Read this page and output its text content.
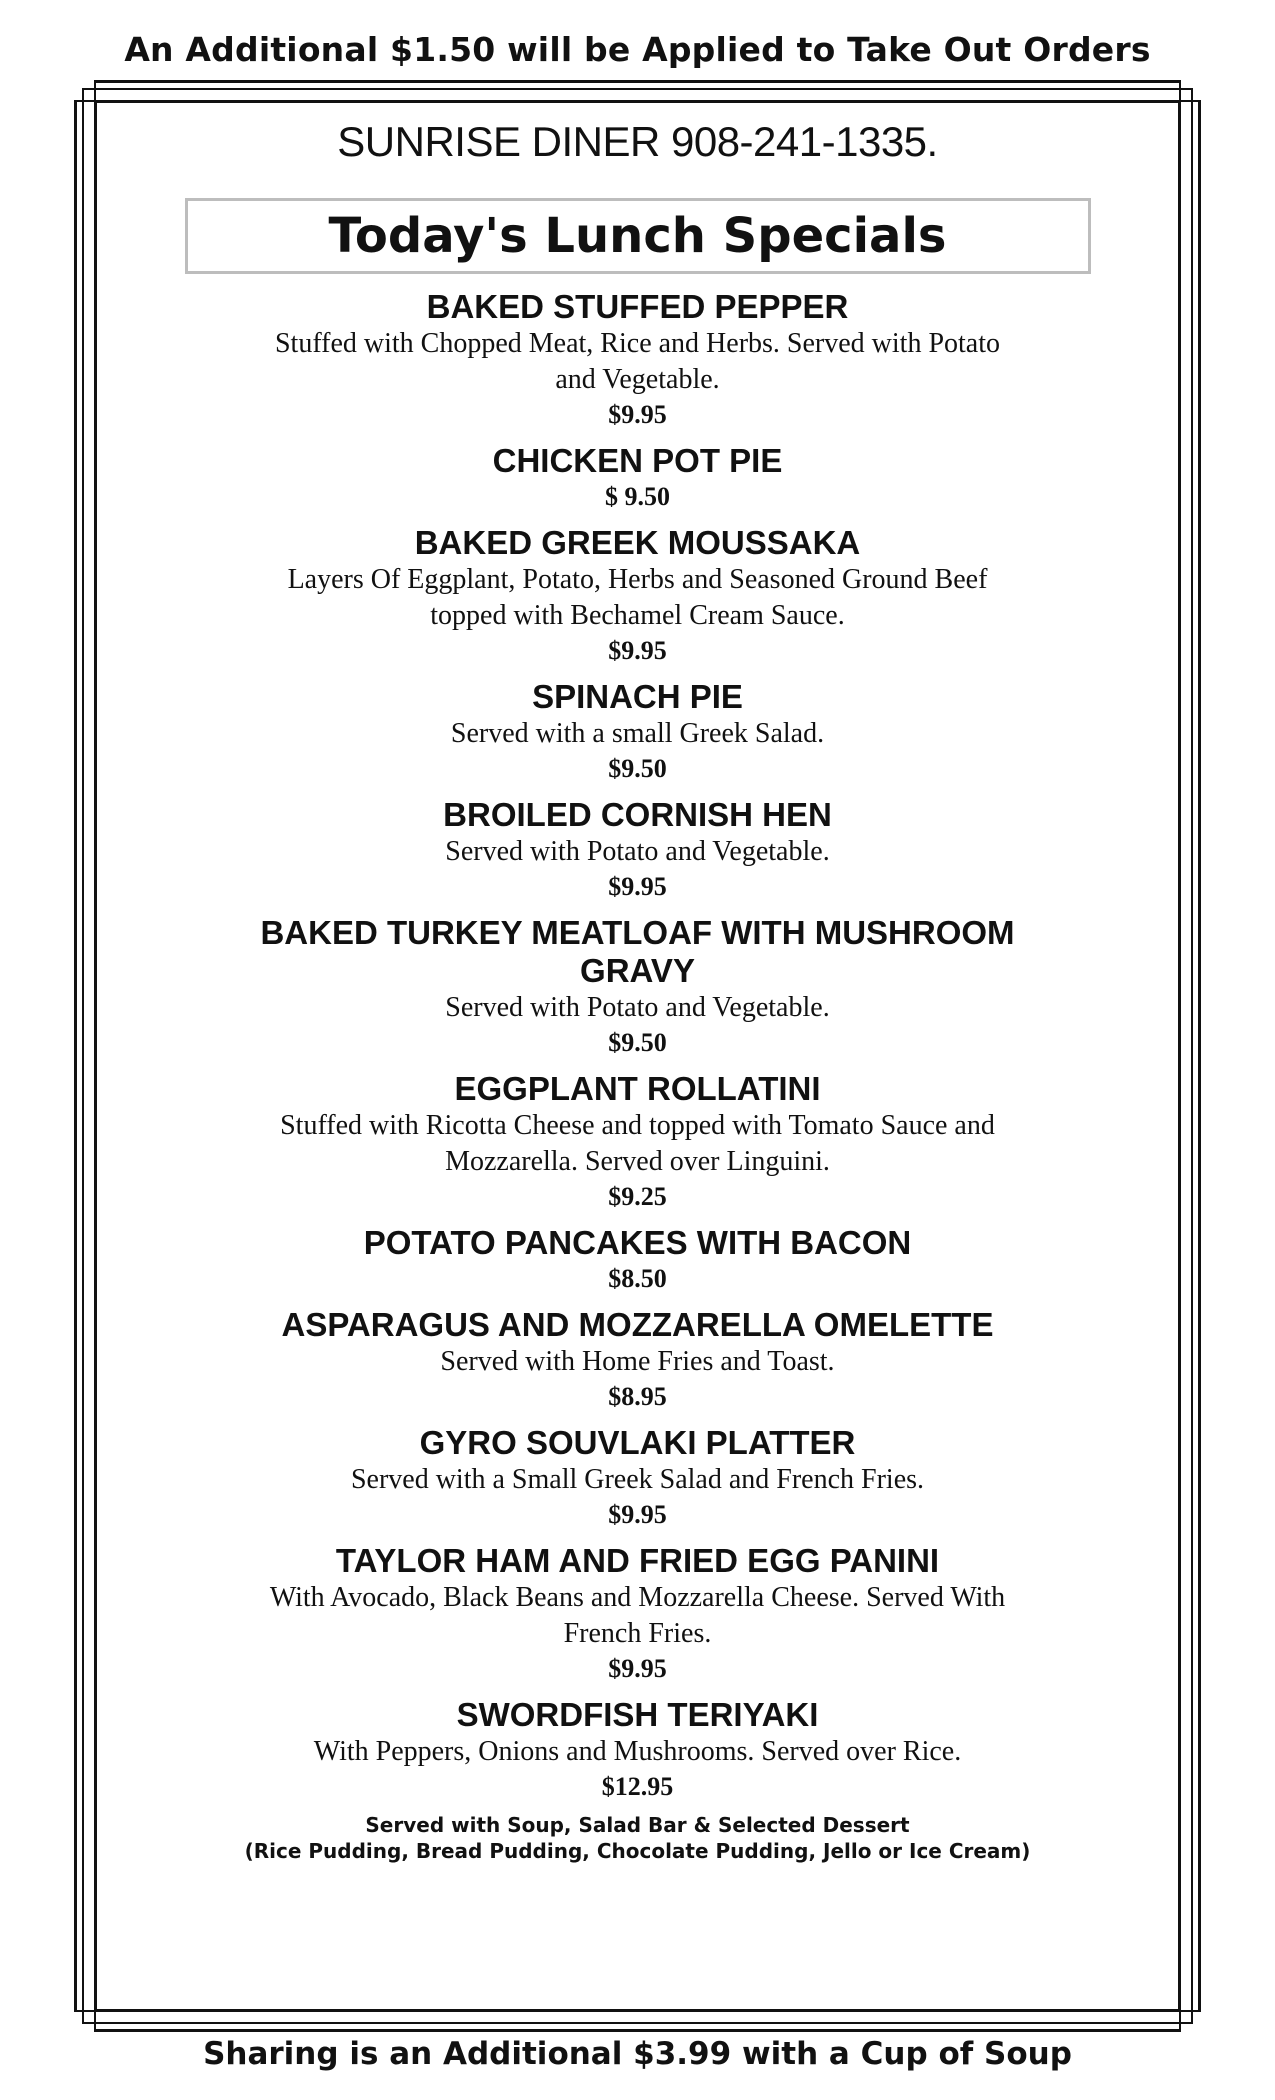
An Additional $1.50 will be Applied to Take Out Orders
SUNRISE DINER 908-241-1335.
Today's Lunch Specials
BAKED STUFFED PEPPER
Stuffed with Chopped Meat, Rice and Herbs. Served with Potato and Vegetable.
$9.95
CHICKEN POT PIE
$ 9.50
BAKED GREEK MOUSSAKA
Layers Of Eggplant, Potato, Herbs and Seasoned Ground Beef topped with Bechamel Cream Sauce.
$9.95
SPINACH PIE
Served with a small Greek Salad.
$9.50
BROILED CORNISH HEN
Served with Potato and Vegetable.
$9.95
BAKED TURKEY MEATLOAF WITH MUSHROOM GRAVY
Served with Potato and Vegetable.
$9.50
EGGPLANT ROLLATINI
Stuffed with Ricotta Cheese and topped with Tomato Sauce and Mozzarella. Served over Linguini.
$9.25
POTATO PANCAKES WITH BACON
$8.50
ASPARAGUS AND MOZZARELLA OMELETTE
Served with Home Fries and Toast.
$8.95
GYRO SOUVLAKI PLATTER
Served with a Small Greek Salad and French Fries.
$9.95
TAYLOR HAM AND FRIED EGG PANINI
With Avocado, Black Beans and Mozzarella Cheese. Served With French Fries.
$9.95
SWORDFISH TERIYAKI
With Peppers, Onions and Mushrooms. Served over Rice.
$12.95
Served with Soup, Salad Bar & Selected Dessert
(Rice Pudding, Bread Pudding, Chocolate Pudding, Jello or Ice Cream)
Sharing is an Additional $3.99 with a Cup of Soup
